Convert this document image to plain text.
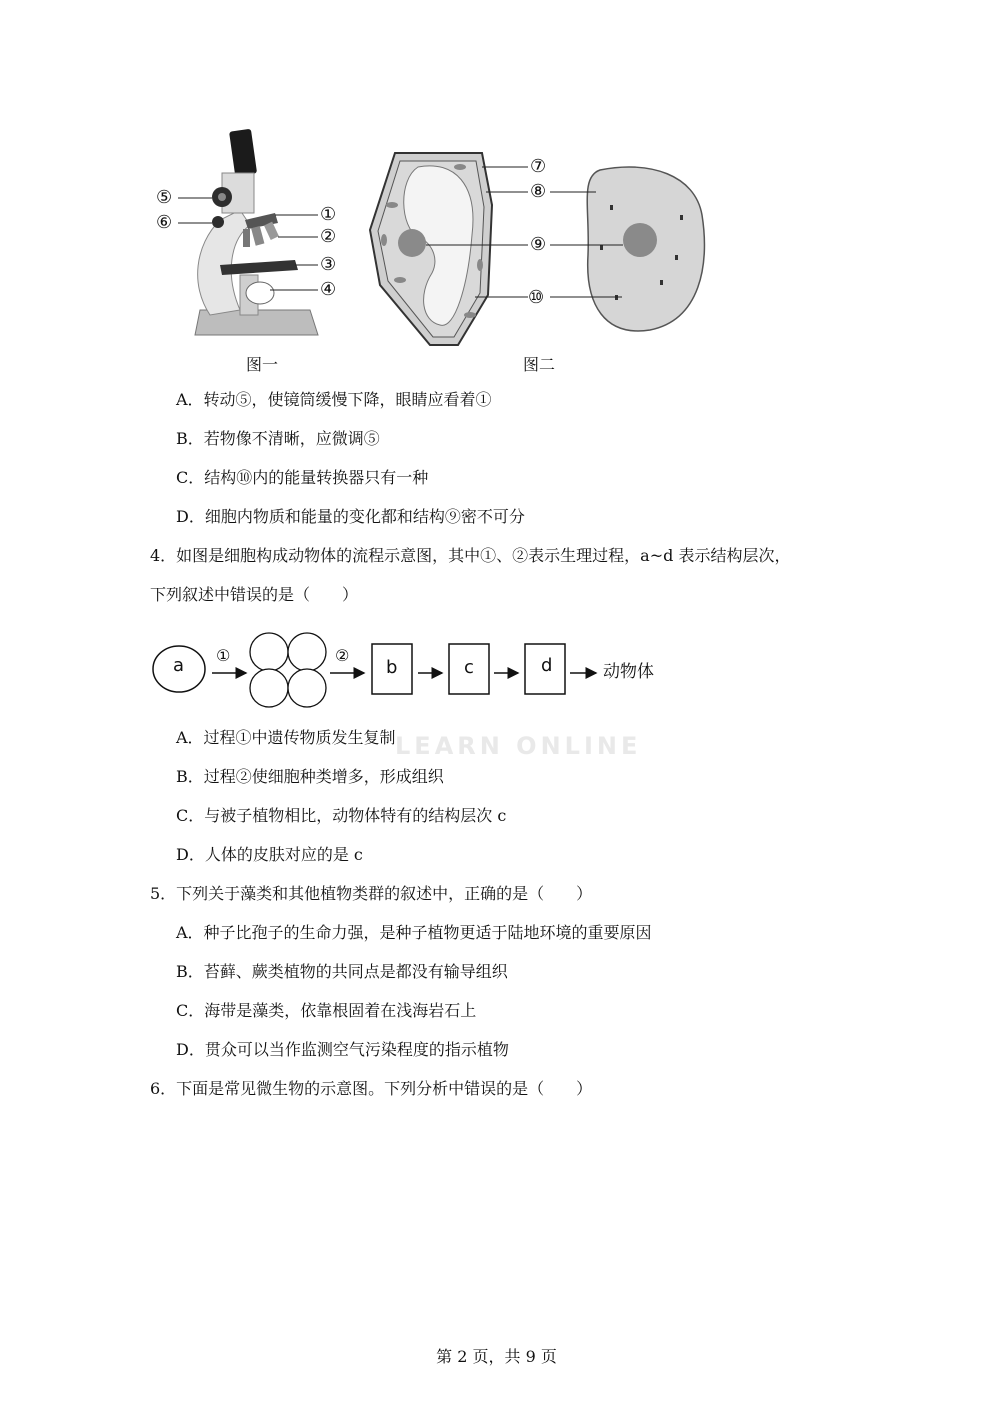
⑤
⑥	①
②
③
④
图一
⑦
⑧
⑨
⑩
图二
A．转动⑤，使镜筒缓慢下降，眼睛应看着①
B．若物像不清晰，应微调⑤
C．结构⑩内的能量转换器只有一种
D．细胞内物质和能量的变化都和结构⑨密不可分
4．如图是细胞构成动物体的流程示意图，其中①、②表示生理过程，a~d 表示结构层次，
下列叙述中错误的是（　　）
a ①	②
b	c	d	动物体
LEARN ONLINE
A．过程①中遗传物质发生复制
B．过程②使细胞种类增多，形成组织
C．与被子植物相比，动物体特有的结构层次 c
D．人体的皮肤对应的是 c
5．下列关于藻类和其他植物类群的叙述中，正确的是（　　）
A．种子比孢子的生命力强，是种子植物更适于陆地环境的重要原因
B．苔藓、蕨类植物的共同点是都没有输导组织
C．海带是藻类，依靠根固着在浅海岩石上
D．贯众可以当作监测空气污染程度的指示植物
6．下面是常见微生物的示意图。下列分析中错误的是（　　）
第 2 页，共 9 页
